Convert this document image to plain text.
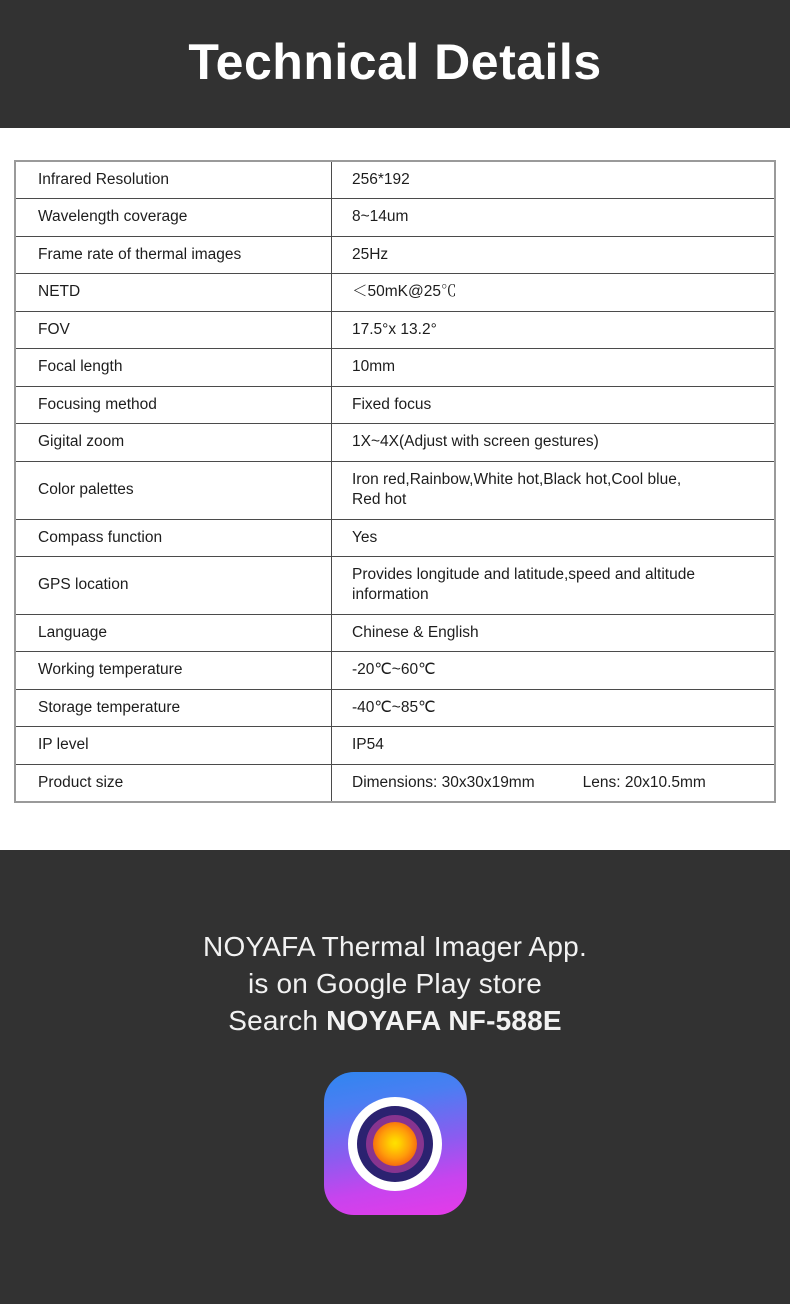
Technical Details
Infrared Resolution	256*192

Wavelength coverage	8~14um

Frame rate of thermal images	25Hz

NETD	＜50mK@25℃

FOV	17.5°x 13.2°

Focal length	10mm

Focusing method	Fixed focus

Gigital zoom	1X~4X(Adjust with screen gestures)

Color palettes	Iron red,Rainbow,White hot,Black hot,Cool blue,
Red hot

Compass function	Yes

GPS location	Provides longitude and latitude,speed and altitude
information

Language	Chinese & English

Working temperature	-20℃~60℃

Storage temperature	-40℃~85℃

IP level	IP54

Product size	Dimensions: 30x30x19mm Lens: 20x10.5mm
NOYAFA Thermal Imager App.
is on Google Play store
Search NOYAFA NF-588E
